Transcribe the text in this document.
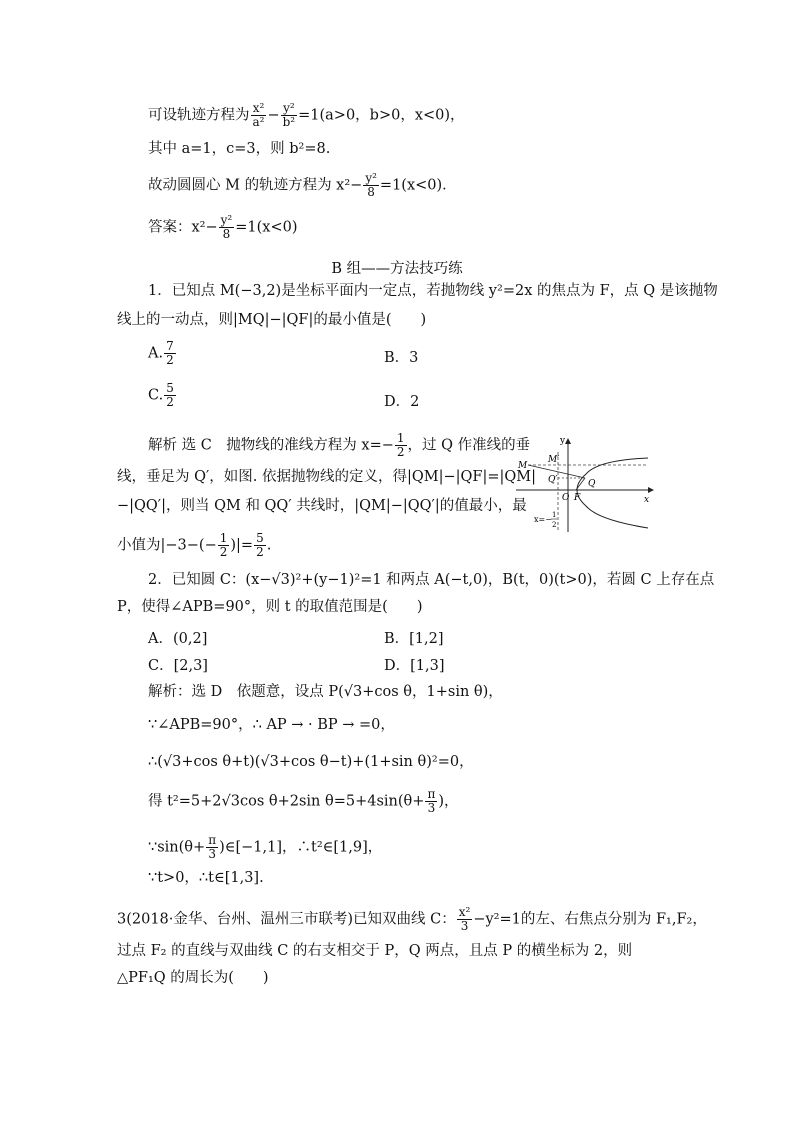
可设轨迹方程为 $\frac{\text{x²}}{\text{a²}} - \frac{\text{y²}}{\text{b²}} =1(a>0$，b>0，x<0)，
其中 a=1，c=3，则 b²=8.
故动圆圆心 M 的轨迹方程为 $x^2- \frac{\text{y²}}{8} =1(x<0)$．
答案：$x^2- \frac{\text{y²}}{8} =1(x<0)$
B 组——方法技巧练
1．已知点 M(−3,2)是坐标平面内一定点，若抛物线 y²=2x 的焦点为 F，点 Q 是该抛物
线上的一动点，则|MQ|−|QF|的最小值是(　　)
A. $\frac{7}{2}$	B．3
C. $\frac{5}{2}$	D．2
解析 选 C　抛物线的准线方程为 $x=- \frac{1}{2}$ ，过 Q 作准线的垂
线，垂足为 Q′，如图. 依据抛物线的定义，得|QM|−|QF|=|QM|
−|QQ′|，则当 QM 和 QQ′ 共线时，|QM|−|QQ′|的值最小，最
小值为$|-3-(- \frac{1}{2}$ )|= $\frac{5}{2}$ .
y
M
M′
Q′	Q
O F	x
x=− 1
2
2．已知圆 C：(x−√3)²+(y−1)²=1 和两点 A(−t,0)，B(t，0)(t>0)，若圆 C 上存在点
P，使得∠APB=90°，则 t 的取值范围是(　　)
A．(0,2]	B．[1,2]
C．[2,3]	D．[1,3]
解析：选 D　依题意，设点 P(√3+cos θ，1+sin θ)，
∵∠APB=90°，∴ AP → · BP → =0，
∴(√3+cos θ+t)(√3+cos θ−t)+(1+sin θ)²=0，
得 t²=5+2√3cos θ+2sin $\theta=5+4\sin(\theta+ \frac{\pi}{3}$ )，
∵sin(θ+ $\frac{\pi}{3}$ )∈[−1,1]，∴t²∈[1,9]，
∵t>0，∴t∈[1,3].
3(2018·金华、台州、温州三市联考)已知双曲线 C： $\frac{\text{x²}}{3} -y^2=1$的左、右焦点分别为 F₁,F₂，
过点 F₂ 的直线与双曲线 C 的右支相交于 P，Q 两点，且点 P 的横坐标为 2，则
△PF₁Q 的周长为(　　)
